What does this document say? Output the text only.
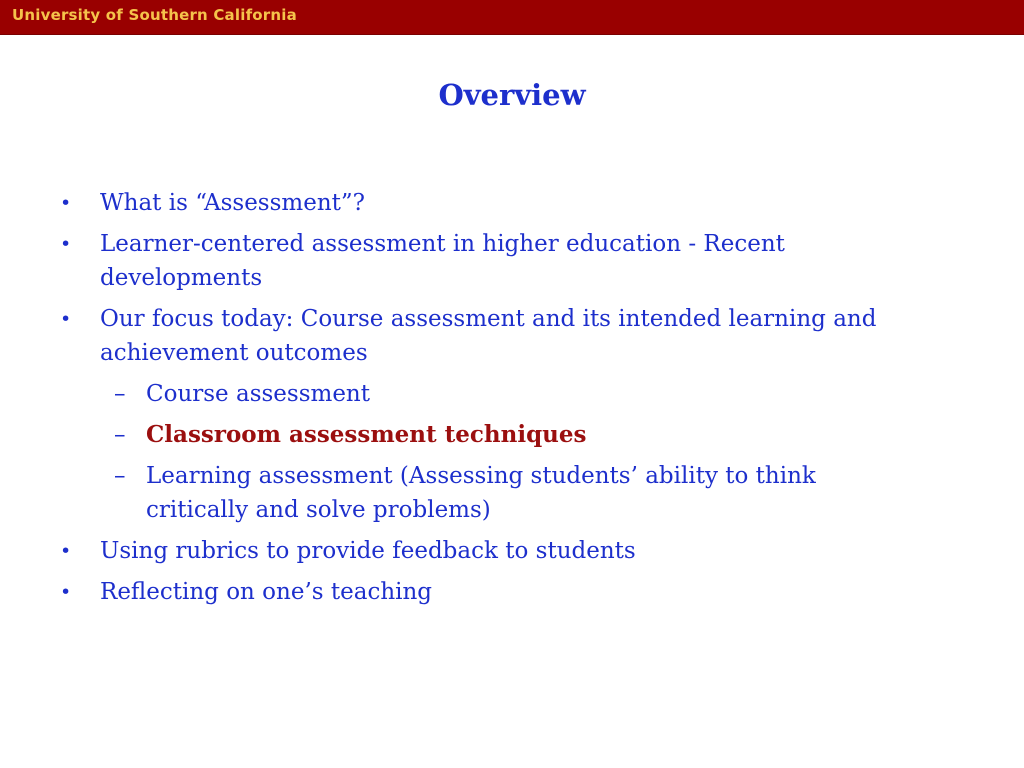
University of Southern California
Overview
• What is “Assessment”?
• Learner-centered assessment in higher education - Recent developments
• Our focus today: Course assessment and its intended learning and achievement outcomes
– Course assessment
– Classroom assessment techniques
– Learning assessment (Assessing students’ ability to think critically and solve problems)
• Using rubrics to provide feedback to students
• Reflecting on one’s teaching
